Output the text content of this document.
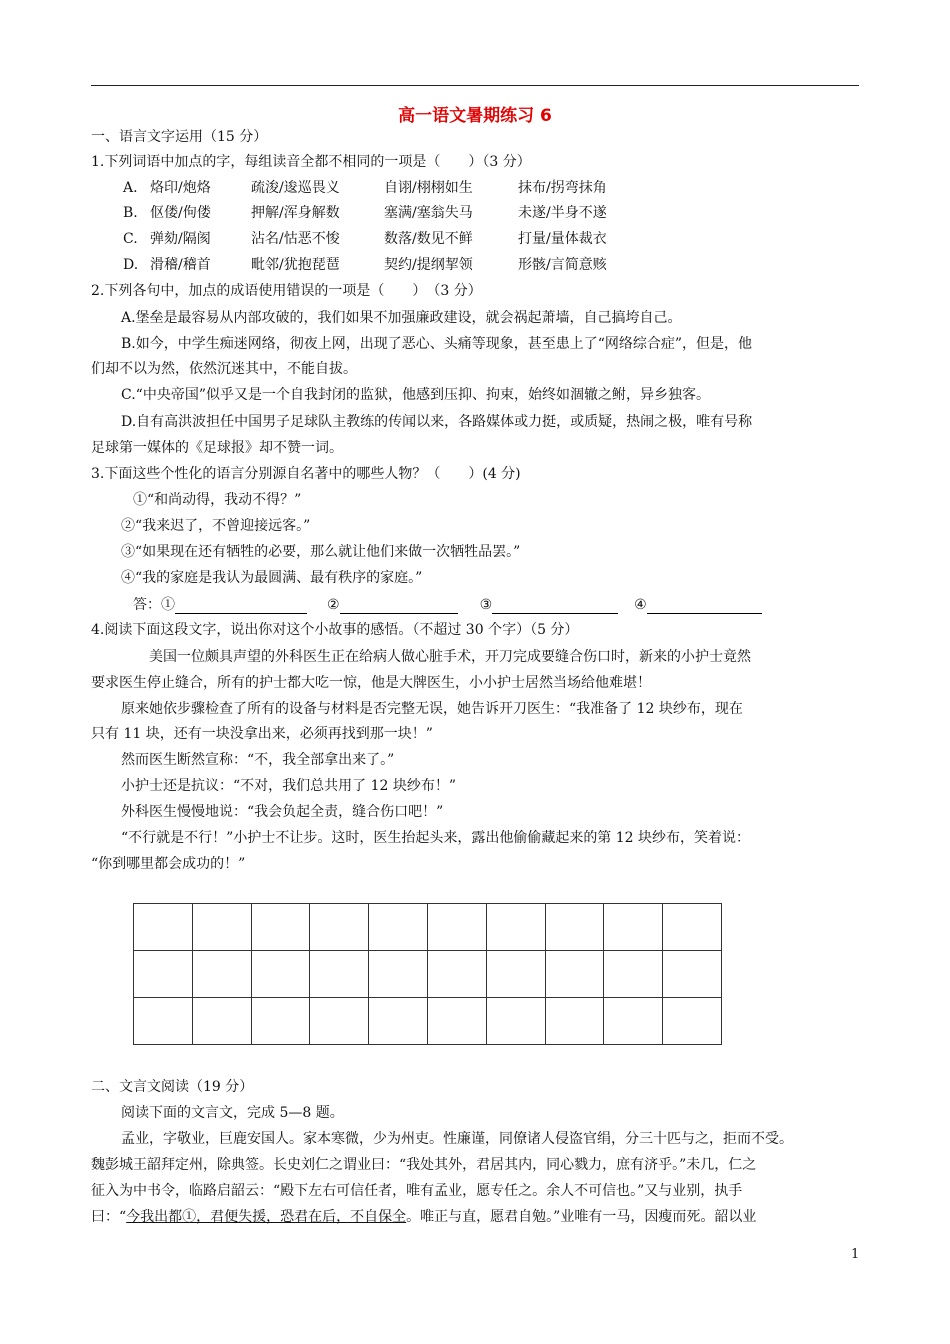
高一语文暑期练习 6
一、语言文字运用（15 分）
1.下列词语中加点的字，每组读音全都不相同的一项是（　　）（3 分）
A. 烙印/炮烙	疏浚/逡巡畏义	自诩/栩栩如生	抹布/拐弯抹角
B. 伛偻/佝偻	押解/浑身解数	塞满/塞翁失马	未遂/半身不遂
C. 弹劾/隔阂	沾名/怙恶不悛	数落/数见不鲜	打量/量体裁衣
D. 滑稽/稽首	毗邻/犹抱琵琶	契约/提纲挈领	形骸/言简意赅
2.下列各句中，加点的成语使用错误的一项是（　　）　（3 分）
A.堡垒是最容易从内部攻破的，我们如果不加强廉政建设，就会祸起萧墙，自己搞垮自己。
B.如今，中学生痴迷网络，彻夜上网，出现了恶心、头痛等现象，甚至患上了“网络综合症”，但是，他
们却不以为然，依然沉迷其中，不能自拔。
C.“中央帝国”似乎又是一个自我封闭的监狱，他感到压抑、拘束，始终如涸辙之鲋，异乡独客。
D.自有高洪波担任中国男子足球队主教练的传闻以来，各路媒体或力挺，或质疑，热闹之极，唯有号称
足球第一媒体的《足球报》却不赞一词。
3.下面这些个性化的语言分别源自名著中的哪些人物？（　　）(4 分)
①“和尚动得，我动不得？”
②“我来迟了，不曾迎接远客。”
③“如果现在还有牺牲的必要，那么就让他们来做一次牺牲品罢。”
④“我的家庭是我认为最圆满、最有秩序的家庭。”
答：①	②	③	④
4.阅读下面这段文字，说出你对这个小故事的感悟。（不超过 30 个字）（5 分）
美国一位颇具声望的外科医生正在给病人做心脏手术，开刀完成要缝合伤口时，新来的小护士竟然
要求医生停止缝合，所有的护士都大吃一惊，他是大牌医生，小小护士居然当场给他难堪！
原来她依步骤检查了所有的设备与材料是否完整无误，她告诉开刀医生：“我准备了 12 块纱布，现在
只有 11 块，还有一块没拿出来，必须再找到那一块！”
然而医生断然宣称：“不，我全部拿出来了。”
小护士还是抗议：“不对，我们总共用了 12 块纱布！”
外科医生慢慢地说：“我会负起全责，缝合伤口吧！”
“不行就是不行！”小护士不让步。这时，医生抬起头来，露出他偷偷藏起来的第 12 块纱布，笑着说：
“你到哪里都会成功的！”

二、文言文阅读（19 分）
阅读下面的文言文，完成 5—8 题。
孟业，字敬业，巨鹿安国人。家本寒微，少为州吏。性廉谨，同僚诸人侵盗官绢，分三十匹与之，拒而不受。
魏彭城王韶拜定州，除典签。长史刘仁之谓业曰：“我处其外，君居其内，同心戮力，庶有济乎。”未几，仁之
征入为中书令，临路启韶云：“殿下左右可信任者，唯有孟业，愿专任之。余人不可信也。”又与业别，执手
曰：“今我出都①，君便失援，恐君在后，不自保全。唯正与直，愿君自勉。”业唯有一马，因瘦而死。韶以业
1
